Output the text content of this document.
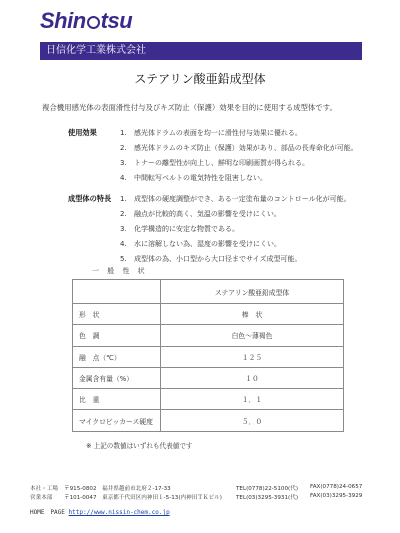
Shin tsu
日信化学工業株式会社
ステアリン酸亜鉛成型体
複合機用感光体の表面滑性付与及びキズ防止（保護）効果を目的に使用する成型体です。
使用効果	1. 感光体ドラムの表面を均一に滑性付与効果に優れる。
2. 感光体ドラムのキズ防止（保護）効果があり、部品の長寿命化が可能。
3. トナーの離型性が向上し、鮮明な印刷画質が得られる。
4. 中間転写ベルトの電気特性を阻害しない。
成型体の特長 1. 成型体の硬度調整ができ、ある一定塗布量のコントロール化が可能。
2. 融点が比較的高く、気温の影響を受けにくい。
3. 化学構造的に安定な物質である。
4. 水に溶解しない為、湿度の影響を受けにくい。
5. 成型体の為、小口型から大口径までサイズ成型可能。
一 般 性 状
	ステアリン酸亜鉛成型体
形　状	棒　状
色　調	白色～薄褐色
融　点（℃）	１２５
金属含有量（%）	１０
比　重	１．１
マイクロビッカース硬度	５．０
※ 上記の数値はいずれも代表値です
本社・工場 〒915-0802　福井県越前市北府２-17-33	TEL(0778)22-5100(代) FAX(0778)24-0657
営業本部 〒101-0047　東京都千代田区内神田１-5-13(内神田ＴＫビル)	TEL(03)3295-3931(代) FAX(03)3295-3929
HOME　PAGE http://www.nissin-chem.co.jp
